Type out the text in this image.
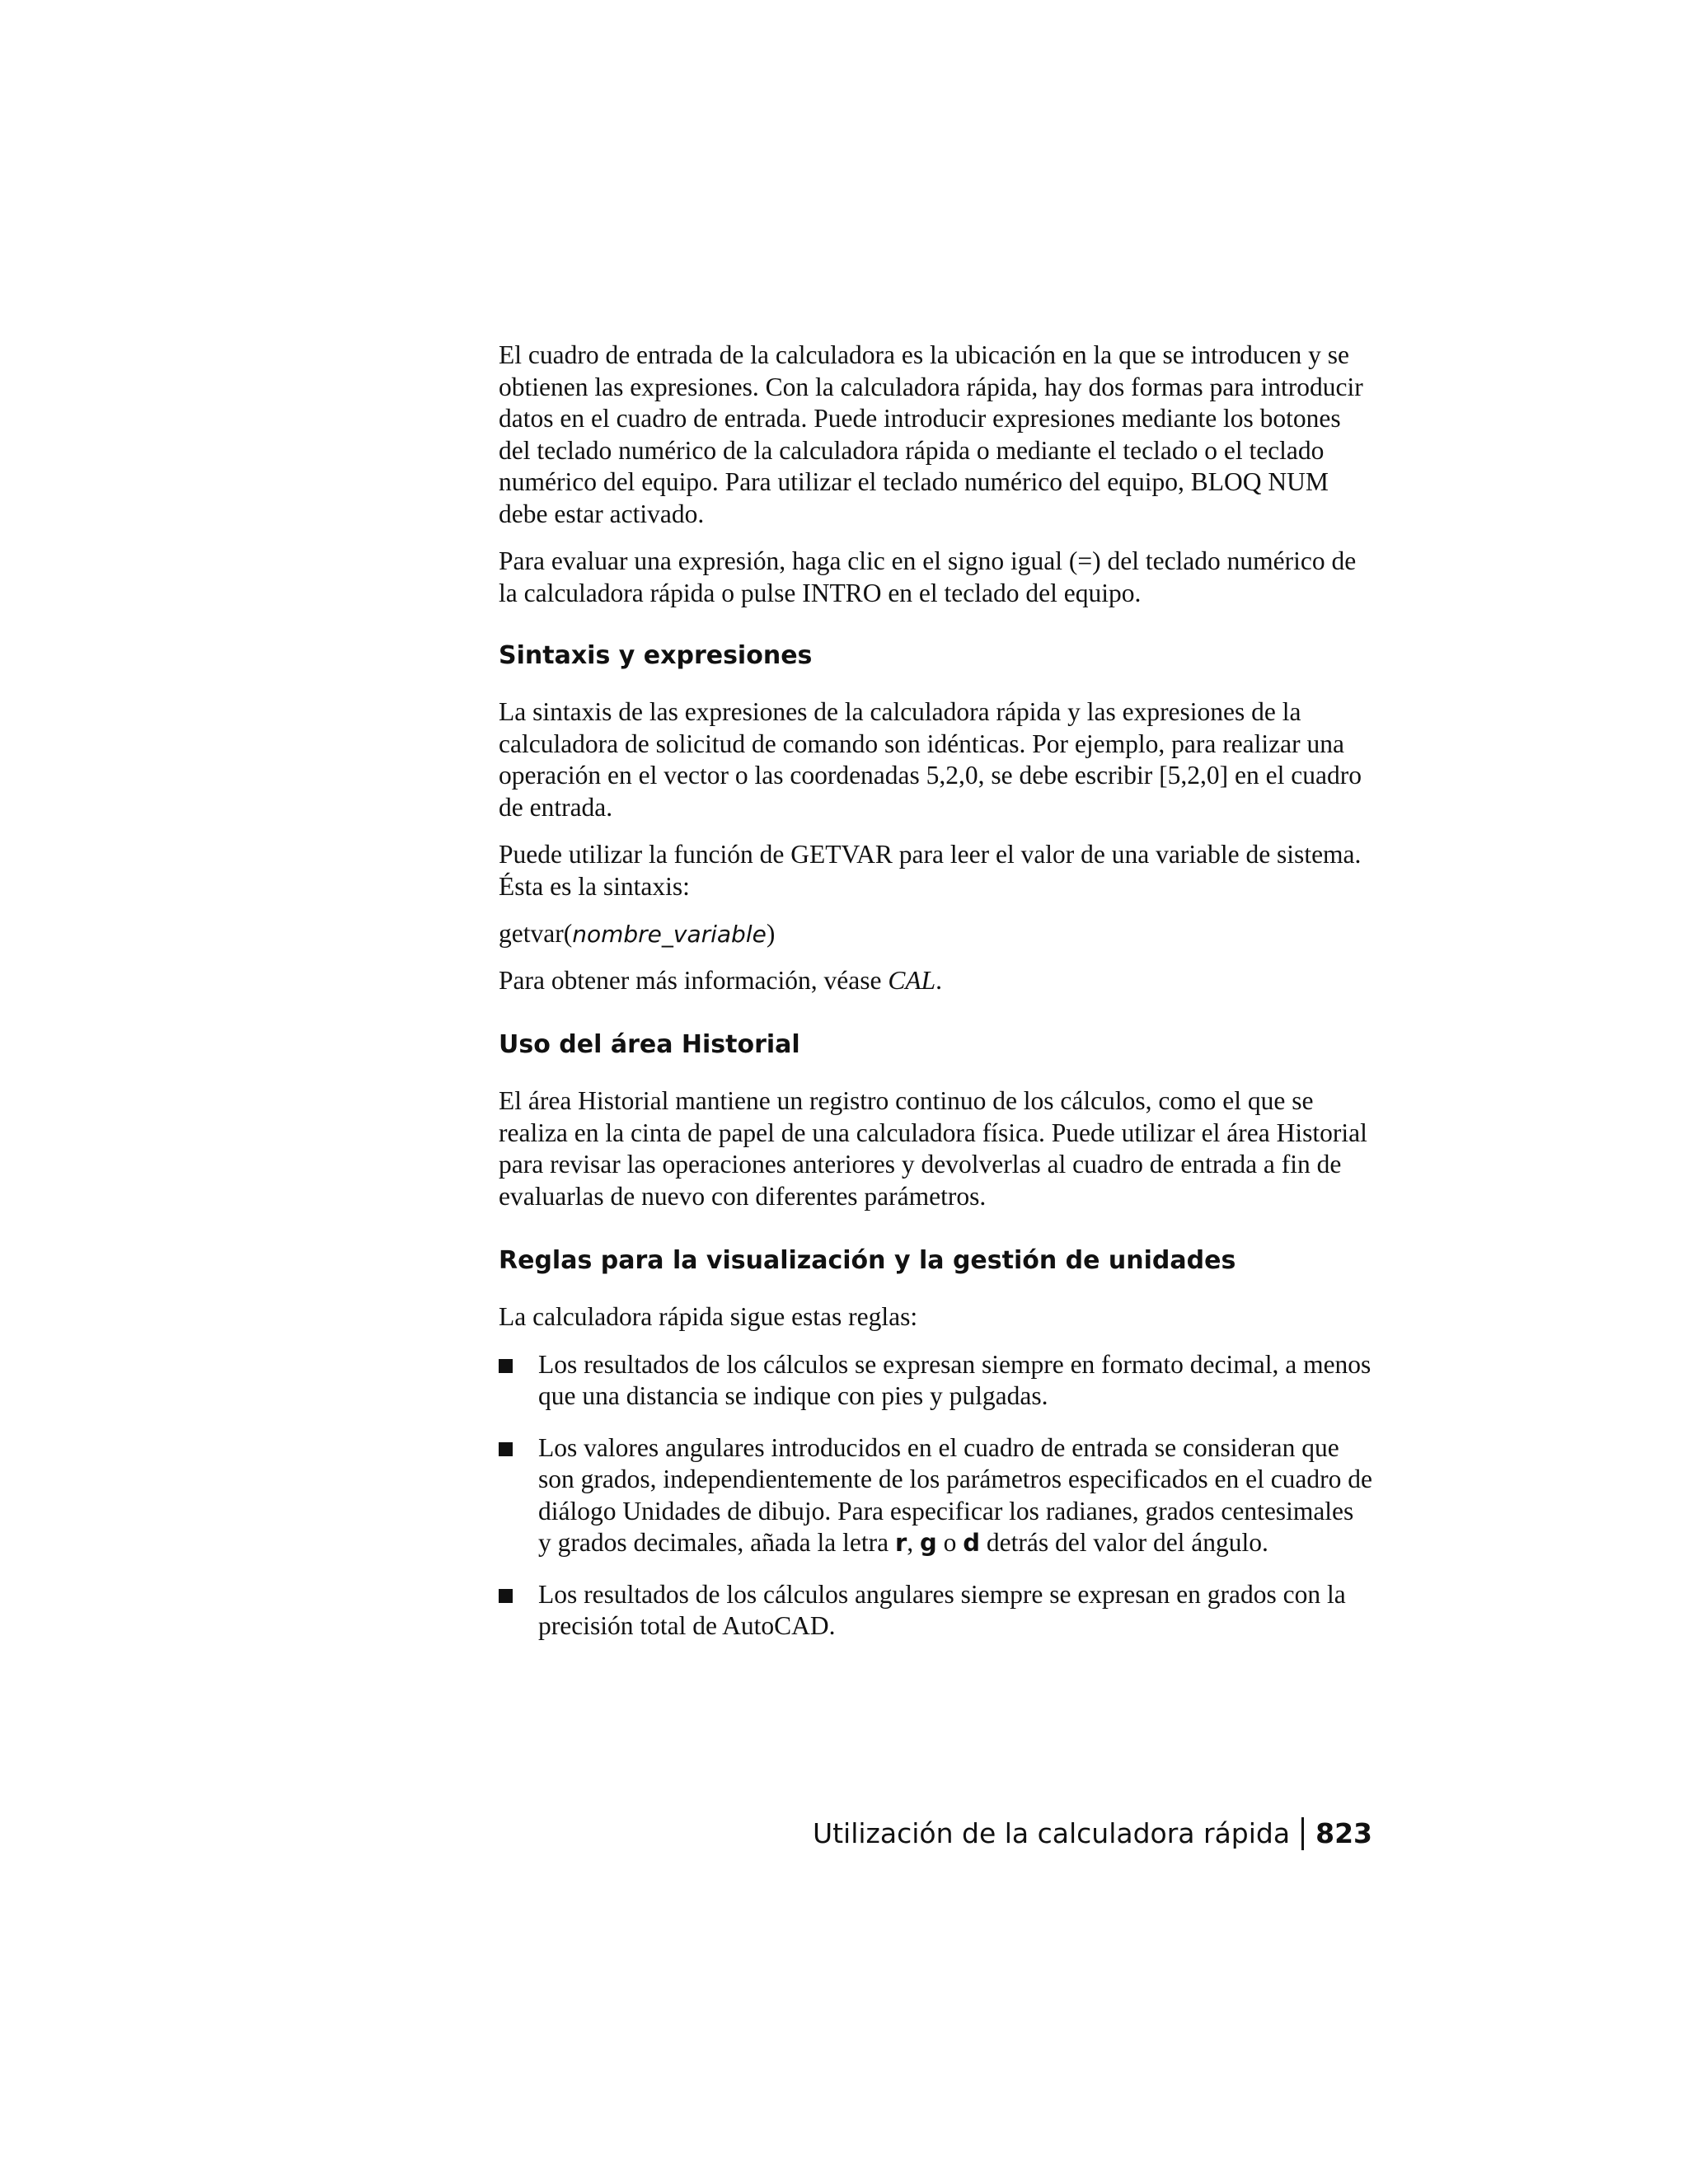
El cuadro de entrada de la calculadora es la ubicación en la que se introducen y se obtienen las expresiones. Con la calculadora rápida, hay dos formas para introducir datos en el cuadro de entrada. Puede introducir expresiones mediante los botones del teclado numérico de la calculadora rápida o mediante el teclado o el teclado numérico del equipo. Para utilizar el teclado numérico del equipo, BLOQ NUM debe estar activado.

Para evaluar una expresión, haga clic en el signo igual (=) del teclado numérico de la calculadora rápida o pulse INTRO en el teclado del equipo.

Sintaxis y expresiones

La sintaxis de las expresiones de la calculadora rápida y las expresiones de la calculadora de solicitud de comando son idénticas. Por ejemplo, para realizar una operación en el vector o las coordenadas 5,2,0, se debe escribir [5,2,0] en el cuadro de entrada.

Puede utilizar la función de GETVAR para leer el valor de una variable de sistema. Ésta es la sintaxis:

getvar(nombre_variable)

Para obtener más información, véase CAL.

Uso del área Historial

El área Historial mantiene un registro continuo de los cálculos, como el que se realiza en la cinta de papel de una calculadora física. Puede utilizar el área Historial para revisar las operaciones anteriores y devolverlas al cuadro de entrada a fin de evaluarlas de nuevo con diferentes parámetros.

Reglas para la visualización y la gestión de unidades

La calculadora rápida sigue estas reglas:

Los resultados de los cálculos se expresan siempre en formato decimal, a menos que una distancia se indique con pies y pulgadas.
Los valores angulares introducidos en el cuadro de entrada se consideran que son grados, independientemente de los parámetros especificados en el cuadro de diálogo Unidades de dibujo. Para especificar los radianes, grados centesimales y grados decimales, añada la letra r, g o d detrás del valor del ángulo.
Los resultados de los cálculos angulares siempre se expresan en grados con la precisión total de AutoCAD.
Utilización de la calculadora rápida 823
